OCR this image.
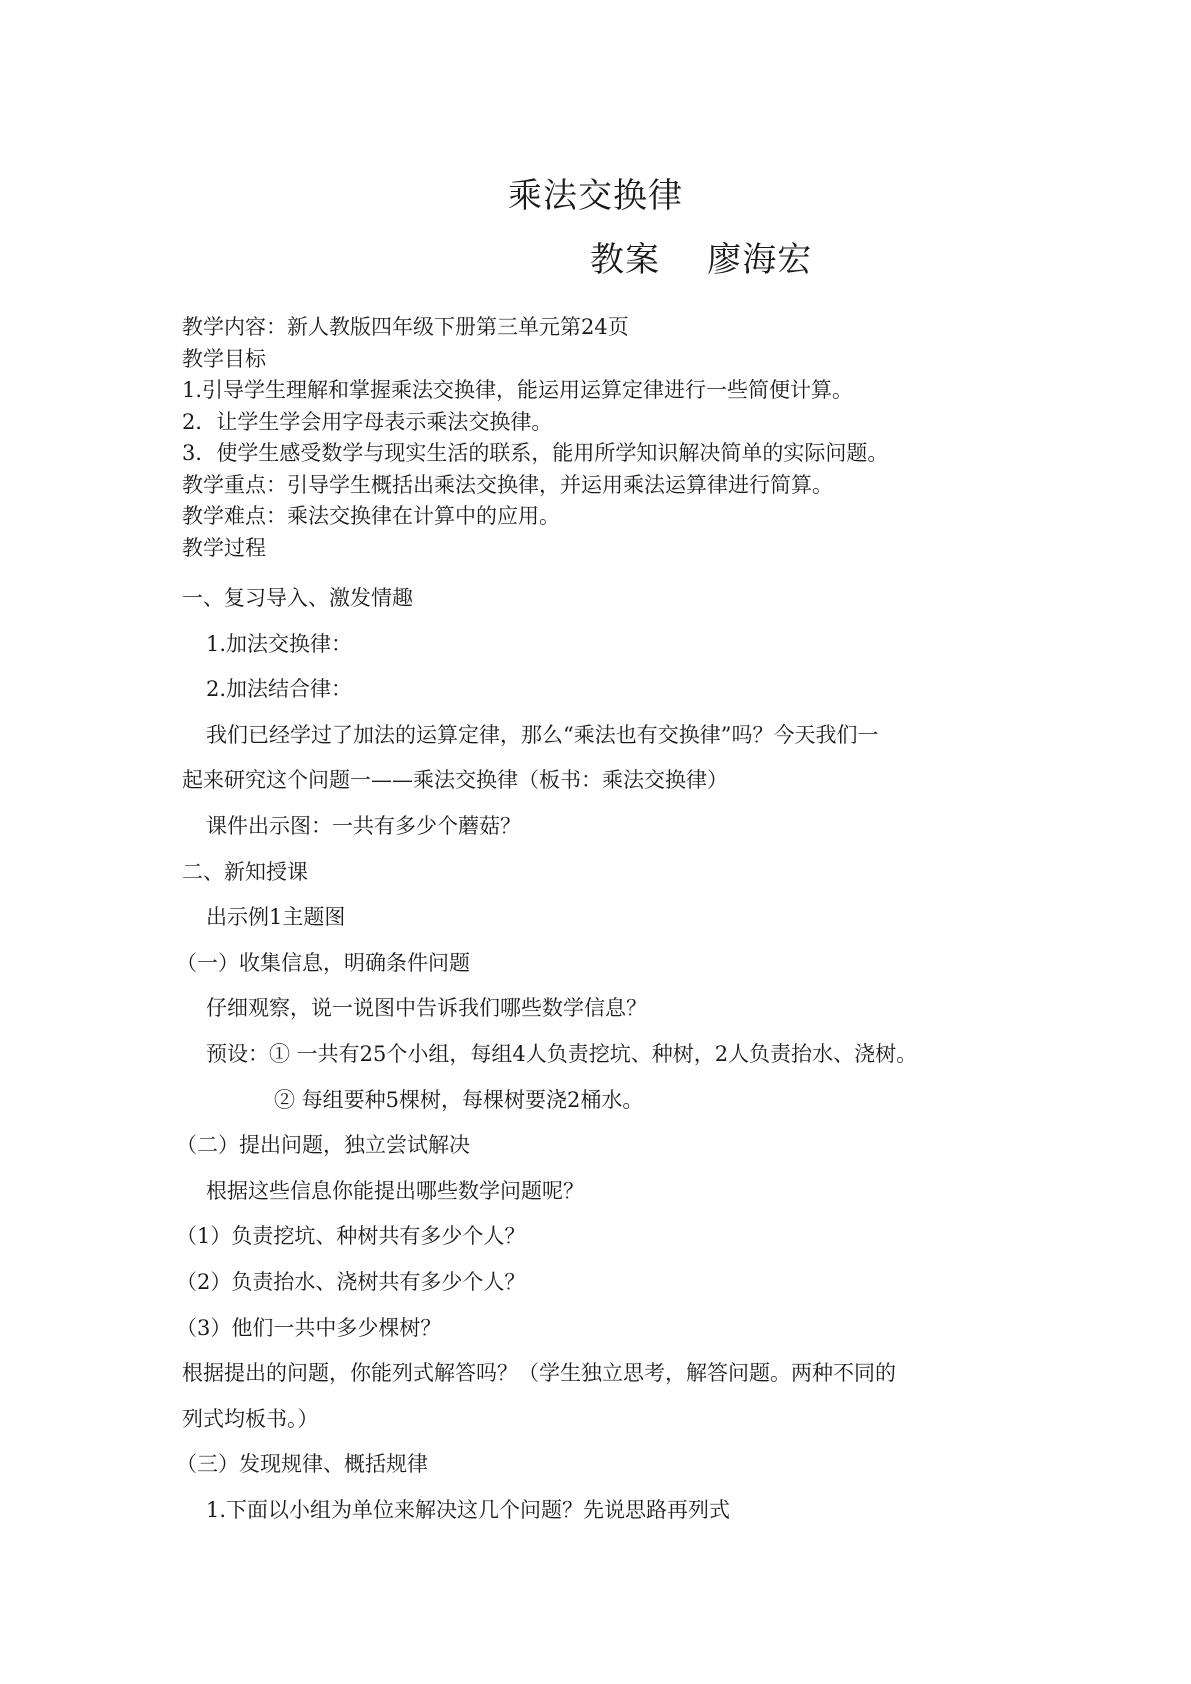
乘法交换律
教案    廖海宏
教学内容：新人教版四年级下册第三单元第24页
教学目标
1.引导学生理解和掌握乘法交换律，能运用运算定律进行一些简便计算。
2．让学生学会用字母表示乘法交换律。
3．使学生感受数学与现实生活的联系，能用所学知识解决简单的实际问题。
教学重点：引导学生概括出乘法交换律，并运用乘法运算律进行简算。
教学难点：乘法交换律在计算中的应用。
教学过程
一、复习导入、激发情趣
1.加法交换律：
2.加法结合律：
我们已经学过了加法的运算定律，那么“乘法也有交换律”吗？今天我们一
起来研究这个问题一——乘法交换律（板书：乘法交换律）
课件出示图：一共有多少个蘑菇？
二、新知授课
出示例1主题图
（一）收集信息，明确条件问题
仔细观察，说一说图中告诉我们哪些数学信息？
预设：① 一共有25个小组，每组4人负责挖坑、种树，2人负责抬水、浇树。
② 每组要种5棵树，每棵树要浇2桶水。
（二）提出问题，独立尝试解决
根据这些信息你能提出哪些数学问题呢？
（1）负责挖坑、种树共有多少个人？
（2）负责抬水、浇树共有多少个人？
（3）他们一共中多少棵树？
根据提出的问题，你能列式解答吗？（学生独立思考，解答问题。两种不同的
列式均板书。）
（三）发现规律、概括规律
1.下面以小组为单位来解决这几个问题？先说思路再列式
